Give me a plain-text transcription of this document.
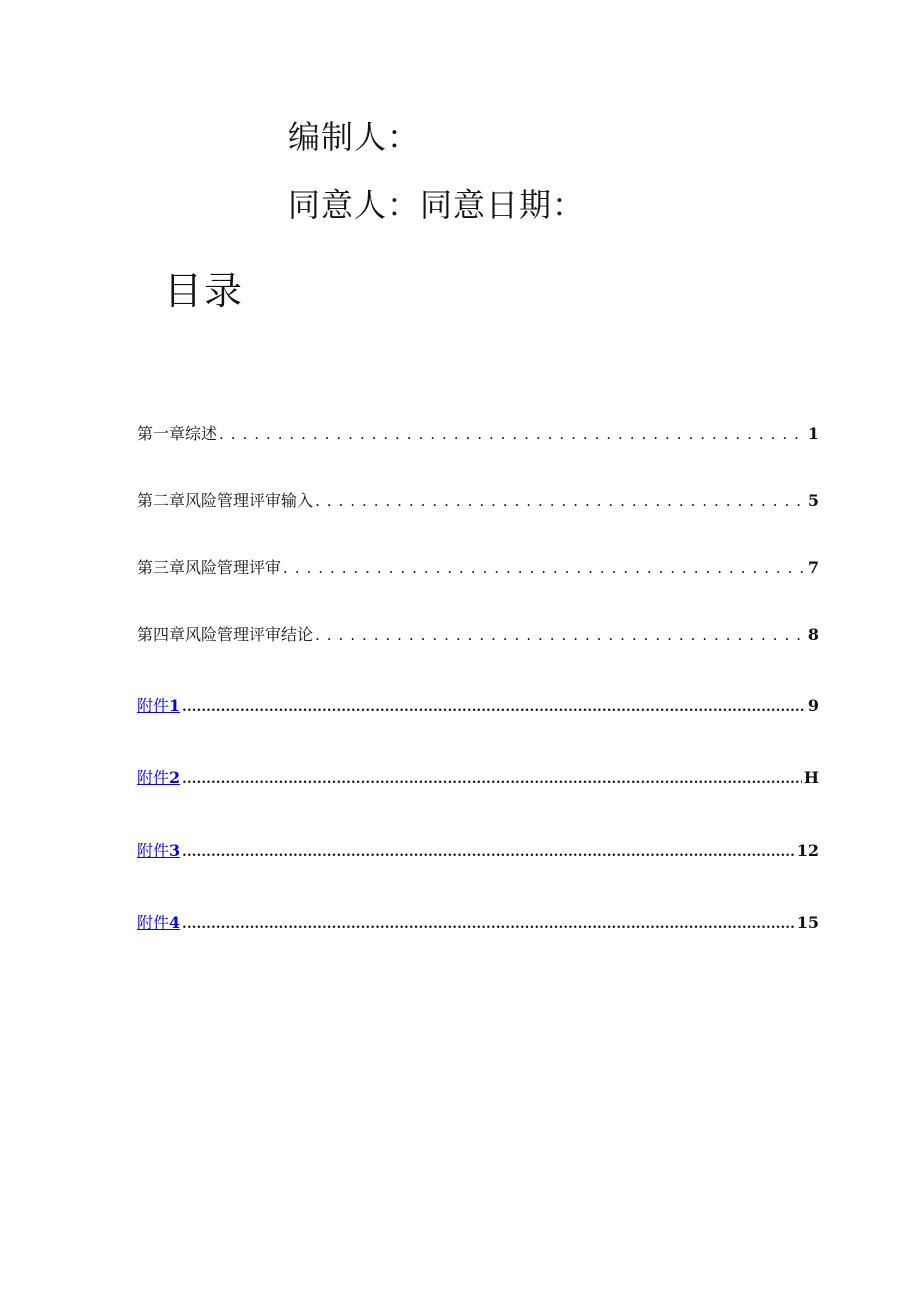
编制人：
同意人：同意日期：
目录
第一章综述 . . .	1
第二章风险管理评审输入 . . .	5
第三章风险管理评审 . . .	7
第四章风险管理评审结论 . . .	8
附件1 .....	9
附件2 .....	H
附件3 .....	12
附件4 .....	15
